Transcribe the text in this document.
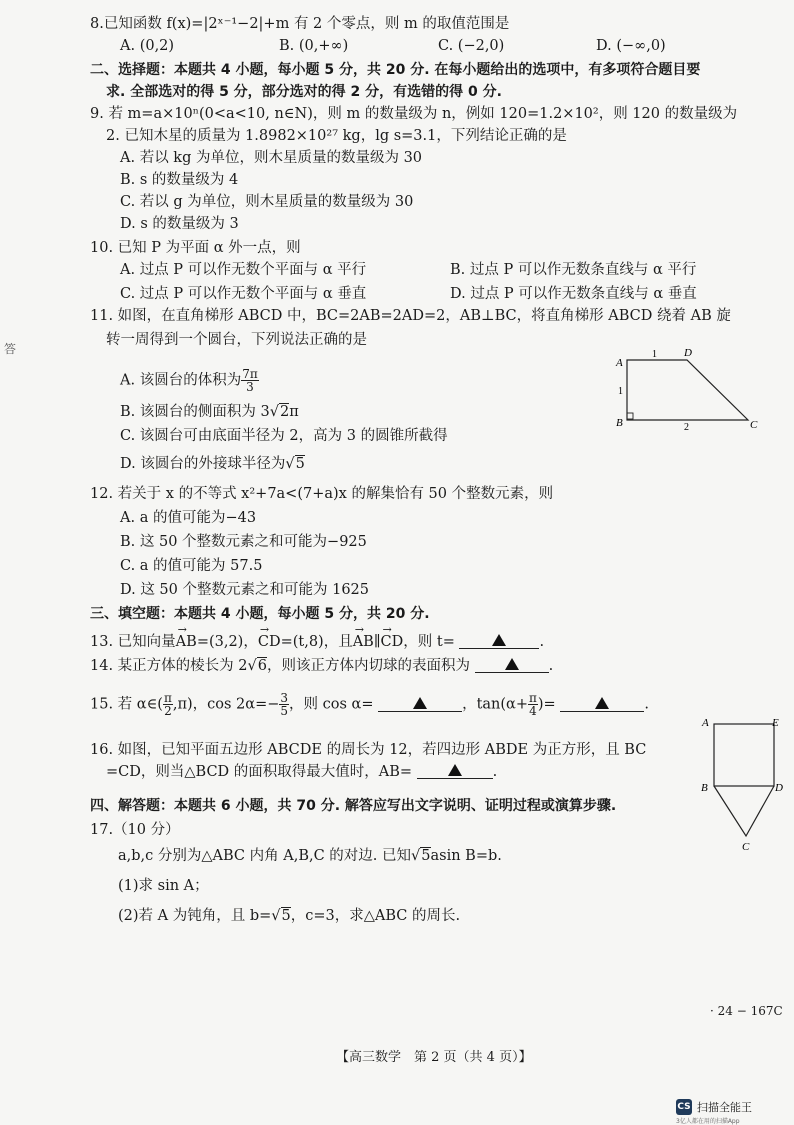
8.已知函数 f(x)=|2ˣ⁻¹−2|+m 有 2 个零点，则 m 的取值范围是
A. (0,2)	B. (0,+∞)	C. (−2,0)	D. (−∞,0)
二、选择题：本题共 4 小题，每小题 5 分，共 20 分. 在每小题给出的选项中，有多项符合题目要
求. 全部选对的得 5 分，部分选对的得 2 分，有选错的得 0 分.
9. 若 m=a×10ⁿ(0<a<10, n∈N)，则 m 的数量级为 n，例如 120=1.2×10²，则 120 的数量级为
2. 已知木星的质量为 1.8982×10²⁷ kg，lg s=3.1，下列结论正确的是
A. 若以 kg 为单位，则木星质量的数量级为 30
B. s 的数量级为 4
C. 若以 g 为单位，则木星质量的数量级为 30
D. s 的数量级为 3
10. 已知 P 为平面 α 外一点，则
A. 过点 P 可以作无数个平面与 α 平行	B. 过点 P 可以作无数条直线与 α 平行
C. 过点 P 可以作无数个平面与 α 垂直	D. 过点 P 可以作无数条直线与 α 垂直
11. 如图，在直角梯形 ABCD 中，BC=2AB=2AD=2，AB⊥BC，将直角梯形 ABCD 绕着 AB 旋
转一周得到一个圆台，下列说法正确的是
A. 该圆台的体积为 $\frac{7\pi}{3}$
B. 该圆台的侧面积为 3√2π
C. 该圆台可由底面半径为 2，高为 3 的圆锥所截得
D. 该圆台的外接球半径为√5
A
D
B	C
1
1
2
12. 若关于 x 的不等式 x²+7a<(7+a)x 的解集恰有 50 个整数元素，则
A. a 的值可能为−43
B. 这 50 个整数元素之和可能为−925
C. a 的值可能为 57.5
D. 这 50 个整数元素之和可能为 1625
三、填空题：本题共 4 小题，每小题 5 分，共 20 分.
13. 已知向量→ AB=(3,2)，→ CD=(t,8)，且→ AB∥→ CD，则 t=	.
14. 某正方体的棱长为 2√6，则该正方体内切球的表面积为	.
15. 若 α∈( $\frac{\pi}{2} ,\pi$)，$\cos 2\alpha=- \frac{3}{5}$ ，则 cos α=	，$\tan(\alpha+ \frac{\pi}{4}$ )=	.
16. 如图，已知平面五边形 ABCDE 的周长为 12，若四边形 ABDE 为正方形，且 BC
=CD，则当△BCD 的面积取得最大值时，AB=	.
A	E
B	D
C
四、解答题：本题共 6 小题，共 70 分. 解答应写出文字说明、证明过程或演算步骤.
17.（10 分）
a,b,c 分别为△ABC 内角 A,B,C 的对边. 已知√5asin B=b.
(1)求 sin A；
(2)若 A 为钝角，且 b=√5，c=3，求△ABC 的周长.
答
· 24 − 167C
【高三数学　第 2 页（共 4 页）】
CS 扫描全能王
3亿人都在用的扫描App
